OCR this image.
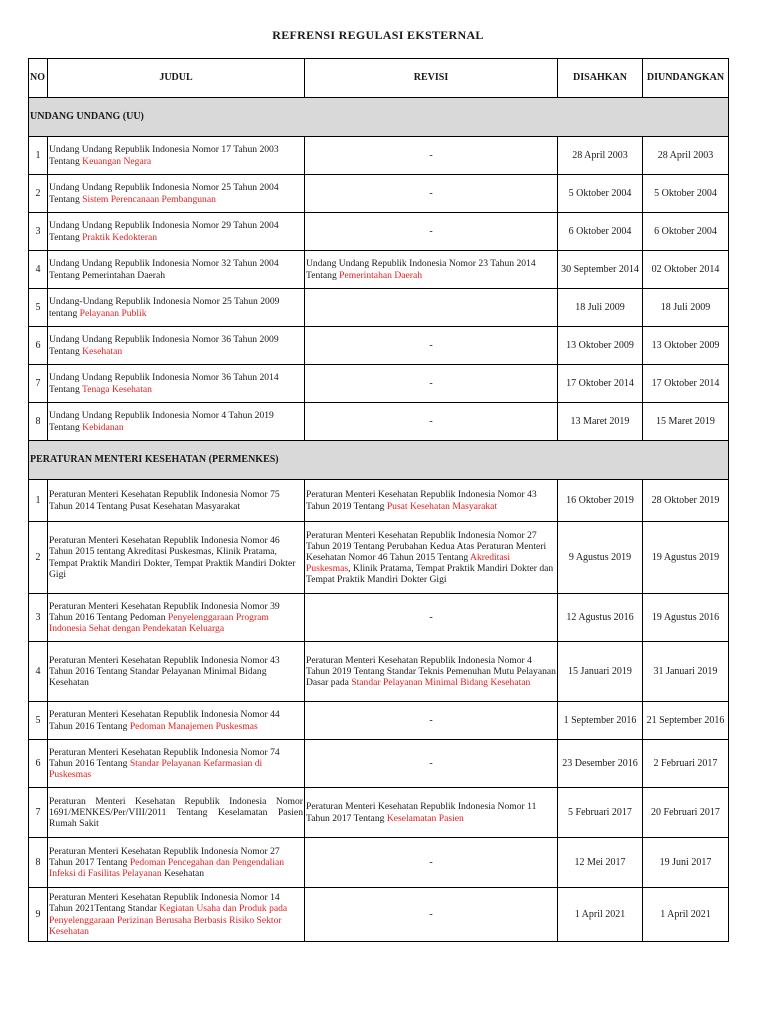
REFRENSI REGULASI EKSTERNAL
NO	JUDUL	REVISI	DISAHKAN	DIUNDANGKAN
UNDANG UNDANG (UU)				
1	Undang Undang Republik Indonesia Nomor 17 Tahun 2003 Tentang Keuangan Negara	-	28 April 2003	28 April 2003
2	Undang Undang Republik Indonesia Nomor 25 Tahun 2004 Tentang Sistem Perencanaan Pembangunan	-	5 Oktober 2004	5 Oktober 2004
3	Undang Undang Republik Indonesia Nomor 29 Tahun 2004 Tentang Praktik Kedokteran	-	6 Oktober 2004	6 Oktober 2004
4	Undang Undang Republik Indonesia Nomor 32 Tahun 2004 Tentang Pemerintahan Daerah	Undang Undang Republik Indonesia Nomor 23 Tahun 2014 Tentang Pemerintahan Daerah	30 September 2014	02 Oktober 2014
5	Undang-Undang Republik Indonesia Nomor 25 Tahun 2009 tentang Pelayanan Publik		18 Juli 2009	18 Juli 2009
6	Undang Undang Republik Indonesia Nomor 36 Tahun 2009 Tentang Kesehatan	-	13 Oktober 2009	13 Oktober 2009
7	Undang Undang Republik Indonesia Nomor 36 Tahun 2014 Tentang Tenaga Kesehatan	-	17 Oktober 2014	17 Oktober 2014
8	Undang Undang Republik Indonesia Nomor 4 Tahun 2019 Tentang Kebidanan	-	13 Maret 2019	15 Maret 2019
PERATURAN MENTERI KESEHATAN (PERMENKES)				
1	Peraturan Menteri Kesehatan Republik Indonesia Nomor 75 Tahun 2014 Tentang Pusat Kesehatan Masyarakat	Peraturan Menteri Kesehatan Republik Indonesia Nomor 43 Tahun 2019 Tentang Pusat Kesehatan Masyarakat	16 Oktober 2019	28 Oktober 2019
2	Peraturan Menteri Kesehatan Republik Indonesia Nomor 46 Tahun 2015 tentang Akreditasi Puskesmas, Klinik Pratama, Tempat Praktik Mandiri Dokter, Tempat Praktik Mandiri Dokter Gigi	Peraturan Menteri Kesehatan Republik Indonesia Nomor 27 Tahun 2019 Tentang Perubahan Kedua Atas Peraturan Menteri Kesehatan Nomor 46 Tahun 2015 Tentang Akreditasi Puskesmas, Klinik Pratama, Tempat Praktik Mandiri Dokter dan Tempat Praktik Mandiri Dokter Gigi	9 Agustus 2019	19 Agustus 2019
3	Peraturan Menteri Kesehatan Republik Indonesia Nomor 39 Tahun 2016 Tentang Pedoman Penyelenggaraan Program Indonesia Sehat dengan Pendekatan Keluarga	-	12 Agustus 2016	19 Agustus 2016
4	Peraturan Menteri Kesehatan Republik Indonesia Nomor 43 Tahun 2016 Tentang Standar Pelayanan Minimal Bidang Kesehatan	Peraturan Menteri Kesehatan Republik Indonesia Nomor 4 Tahun 2019 Tentang Standar Teknis Pemenuhan Mutu Pelayanan Dasar pada Standar Pelayanan Minimal Bidang Kesehatan	15 Januari 2019	31 Januari 2019
5	Peraturan Menteri Kesehatan Republik Indonesia Nomor 44 Tahun 2016 Tentang Pedoman Manajemen Puskesmas	-	1 September 2016	21 September 2016
6	Peraturan Menteri Kesehatan Republik Indonesia Nomor 74 Tahun 2016 Tentang Standar Pelayanan Kefarmasian di Puskesmas	-	23 Desember 2016	2 Februari 2017
7	Peraturan Menteri Kesehatan Republik Indonesia Nomor 1691/MENKES/Per/VIII/2011 Tentang Keselamatan Pasien Rumah Sakit	Peraturan Menteri Kesehatan Republik Indonesia Nomor 11 Tahun 2017 Tentang Keselamatan Pasien	5 Februari 2017	20 Februari 2017
8	Peraturan Menteri Kesehatan Republik Indonesia Nomor 27 Tahun 2017 Tentang Pedoman Pencegahan dan Pengendalian Infeksi di Fasilitas Pelayanan Kesehatan	-	12 Mei 2017	19 Juni 2017
9	Peraturan Menteri Kesehatan Republik Indonesia Nomor 14 Tahun 2021Tentang Standar Kegiatan Usaha dan Produk pada Penyelenggaraan Perizinan Berusaha Berbasis Risiko Sektor Kesehatan	-	1 April 2021	1 April 2021
